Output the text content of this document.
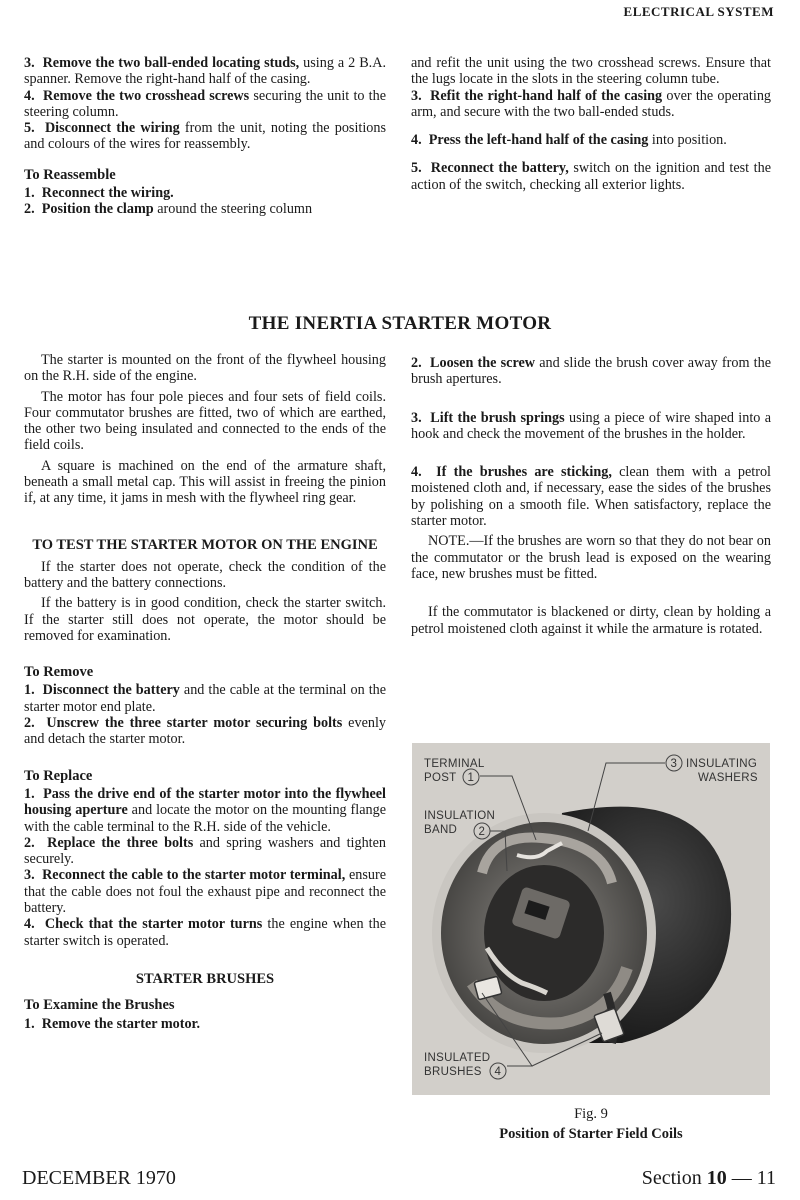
ELECTRICAL SYSTEM

3. Remove the two ball-ended locating studs, using a 2 B.A. spanner. Remove the right-hand half of the casing.

4. Remove the two crosshead screws securing the unit to the steering column.

5. Disconnect the wiring from the unit, noting the positions and colours of the wires for reassembly.

To Reassemble

1. Reconnect the wiring.

2. Position the clamp around the steering column

and refit the unit using the two crosshead screws. Ensure that the lugs locate in the slots in the steering column tube.

3. Refit the right-hand half of the casing over the operating arm, and secure with the two ball-ended studs.

4. Press the left-hand half of the casing into position.

5. Reconnect the battery, switch on the ignition and test the action of the switch, checking all exterior lights.

THE INERTIA STARTER MOTOR

The starter is mounted on the front of the flywheel housing on the R.H. side of the engine.

The motor has four pole pieces and four sets of field coils. Four commutator brushes are fitted, two of which are earthed, the other two being insulated and connected to the ends of the field coils.

A square is machined on the end of the armature shaft, beneath a small metal cap. This will assist in freeing the pinion if, at any time, it jams in mesh with the flywheel ring gear.

TO TEST THE STARTER MOTOR ON THE ENGINE

If the starter does not operate, check the condition of the battery and the battery connections.

If the battery is in good condition, check the starter switch. If the starter still does not operate, the motor should be removed for examination.

To Remove

1. Disconnect the battery and the cable at the terminal on the starter motor end plate.

2. Unscrew the three starter motor securing bolts evenly and detach the starter motor.

To Replace

1. Pass the drive end of the starter motor into the flywheel housing aperture and locate the motor on the mounting flange with the cable terminal to the R.H. side of the vehicle.

2. Replace the three bolts and spring washers and tighten securely.

3. Reconnect the cable to the starter motor terminal, ensure that the cable does not foul the exhaust pipe and reconnect the battery.

4. Check that the starter motor turns the engine when the starter switch is operated.

STARTER BRUSHES

To Examine the Brushes

1. Remove the starter motor.

2. Loosen the screw and slide the brush cover away from the brush apertures.

3. Lift the brush springs using a piece of wire shaped into a hook and check the movement of the brushes in the holder.

4. If the brushes are sticking, clean them with a petrol moistened cloth and, if necessary, ease the sides of the brushes by polishing on a smooth file. When satisfactory, replace the starter motor.

NOTE.—If the brushes are worn so that they do not bear on the commutator or the brush lead is exposed on the wearing face, new brushes must be fitted.

If the commutator is blackened or dirty, clean by holding a petrol moistened cloth against it while the armature is rotated.

TERMINAL
POST 1
3 INSULATING
WASHERS
INSULATION
BAND 2
INSULATED
BRUSHES 4
Fig. 9
Position of Starter Field Coils
DECEMBER 1970	Section 10 — 11
